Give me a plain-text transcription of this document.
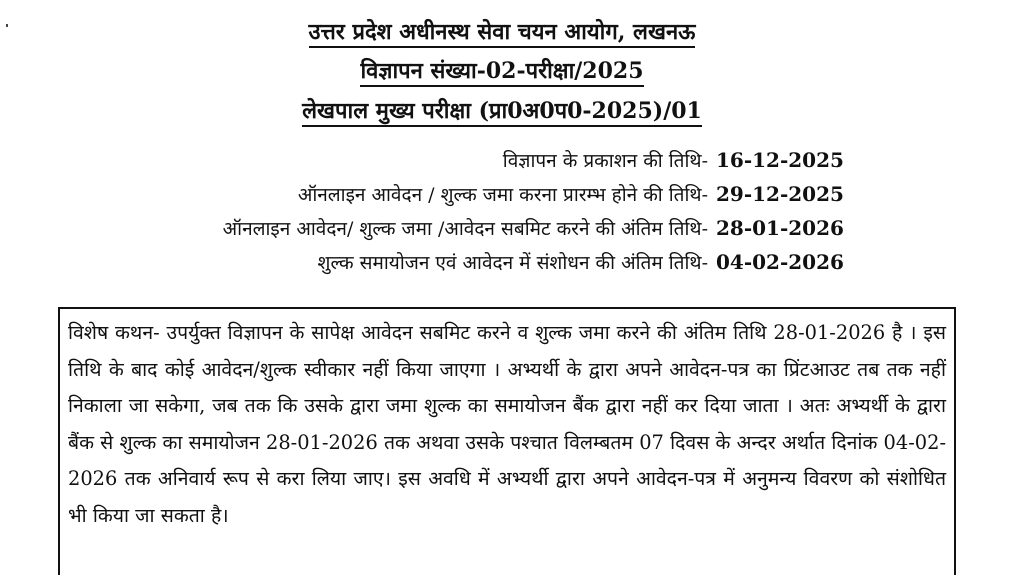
उत्तर प्रदेश अधीनस्थ सेवा चयन आयोग, लखनऊ
विज्ञापन संख्या-02-परीक्षा/2025
लेखपाल मुख्य परीक्षा (प्रा0अ0प0-2025)/01
विज्ञापन के प्रकाशन की तिथि- 16-12-2025
ऑनलाइन आवेदन / शुल्क जमा करना प्रारम्भ होने की तिथि- 29-12-2025
ऑनलाइन आवेदन/ शुल्क जमा /आवेदन सबमिट करने की अंतिम तिथि- 28-01-2026
शुल्क समायोजन एवं आवेदन में संशोधन की अंतिम तिथि- 04-02-2026

विशेष कथन- उपर्युक्त विज्ञापन के सापेक्ष आवेदन सबमिट करने व शुल्क जमा करने की अंतिम तिथि 28-01-2026 है । इस तिथि के बाद कोई आवेदन/शुल्क स्वीकार नहीं किया जाएगा । अभ्यर्थी के द्वारा अपने आवेदन-पत्र का प्रिंटआउट तब तक नहीं निकाला जा सकेगा, जब तक कि उसके द्वारा जमा शुल्क का समायोजन बैंक द्वारा नहीं कर दिया जाता । अतः अभ्यर्थी के द्वारा बैंक से शुल्क का समायोजन 28-01-2026 तक अथवा उसके पश्चात विलम्बतम 07 दिवस के अन्दर अर्थात दिनांक 04-02-2026 तक अनिवार्य रूप से करा लिया जाए। इस अवधि में अभ्यर्थी द्वारा अपने आवेदन-पत्र में अनुमन्य विवरण को संशोधित भी किया जा सकता है।
